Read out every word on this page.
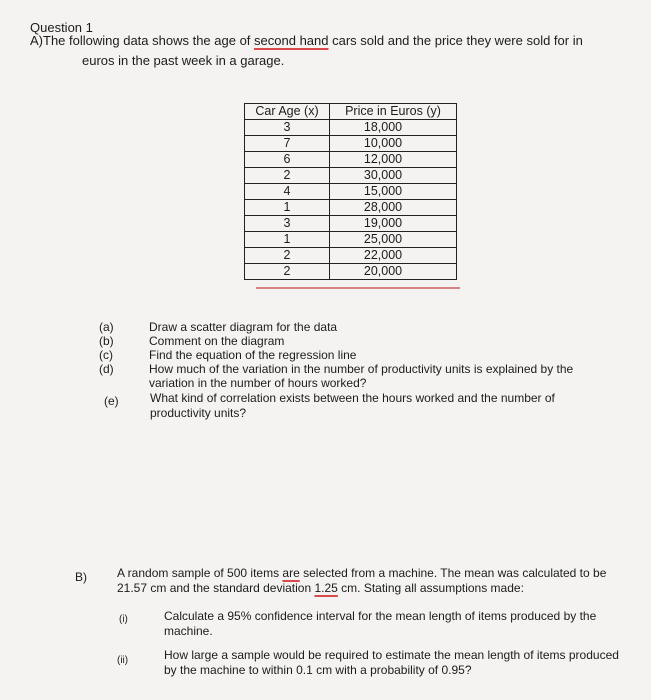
Question 1
A)The following data shows the age of second hand cars sold and the price they were sold for in
euros in the past week in a garage.
Car Age (x)	Price in Euros (y)
3	18,000
7	10,000
6	12,000
2	30,000
4	15,000
1	28,000
3	19,000
1	25,000
2	22,000
2	20,000
(a)	Draw a scatter diagram for the data
(b)	Comment on the diagram
(c)	Find the equation of the regression line
(d)	How much of the variation in the number of productivity units is explained by the
variation in the number of hours worked?
(e)	What kind of correlation exists between the hours worked and the number of
productivity units?
B)	A random sample of 500 items are selected from a machine. The mean was calculated to be
21.57 cm and the standard deviation 1.25 cm. Stating all assumptions made:
(i)	Calculate a 95% confidence interval for the mean length of items produced by the
machine.
(ii)	How large a sample would be required to estimate the mean length of items produced
by the machine to within 0.1 cm with a probability of 0.95?
